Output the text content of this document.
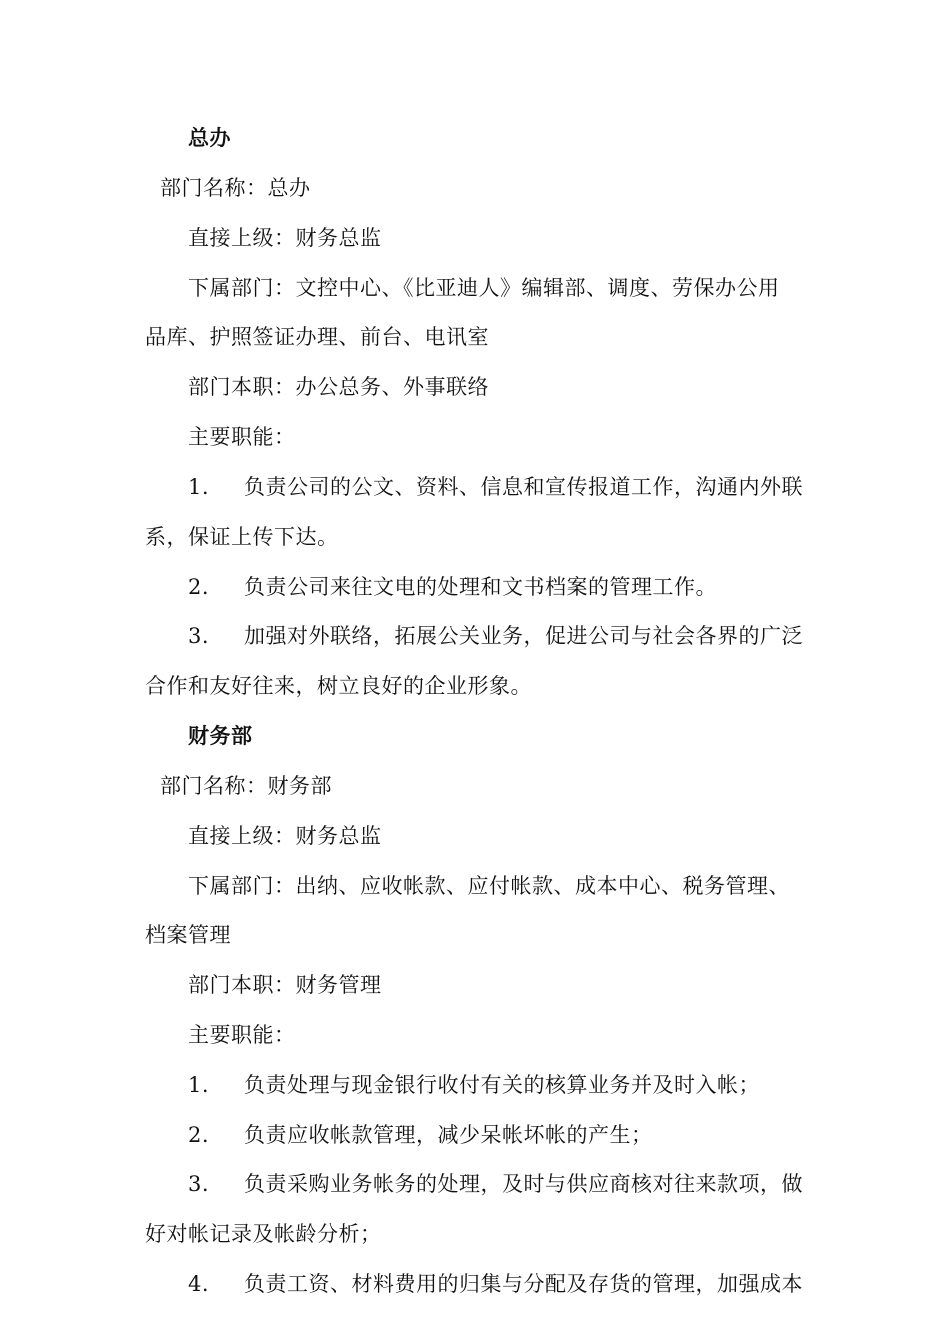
总办
部门名称：总办
直接上级：财务总监
下属部门：文控中心、《比亚迪人》编辑部、调度、劳保办公用
品库、护照签证办理、前台、电讯室
部门本职：办公总务、外事联络
主要职能：
1. 负责公司的公文、资料、信息和宣传报道工作，沟通内外联
系，保证上传下达。
2. 负责公司来往文电的处理和文书档案的管理工作。
3. 加强对外联络，拓展公关业务，促进公司与社会各界的广泛
合作和友好往来，树立良好的企业形象。
财务部
部门名称：财务部
直接上级：财务总监
下属部门：出纳、应收帐款、应付帐款、成本中心、税务管理、
档案管理
部门本职：财务管理
主要职能：
1. 负责处理与现金银行收付有关的核算业务并及时入帐；
2. 负责应收帐款管理，减少呆帐坏帐的产生；
3. 负责采购业务帐务的处理，及时与供应商核对往来款项，做
好对帐记录及帐龄分析；
4. 负责工资、材料费用的归集与分配及存货的管理，加强成本
